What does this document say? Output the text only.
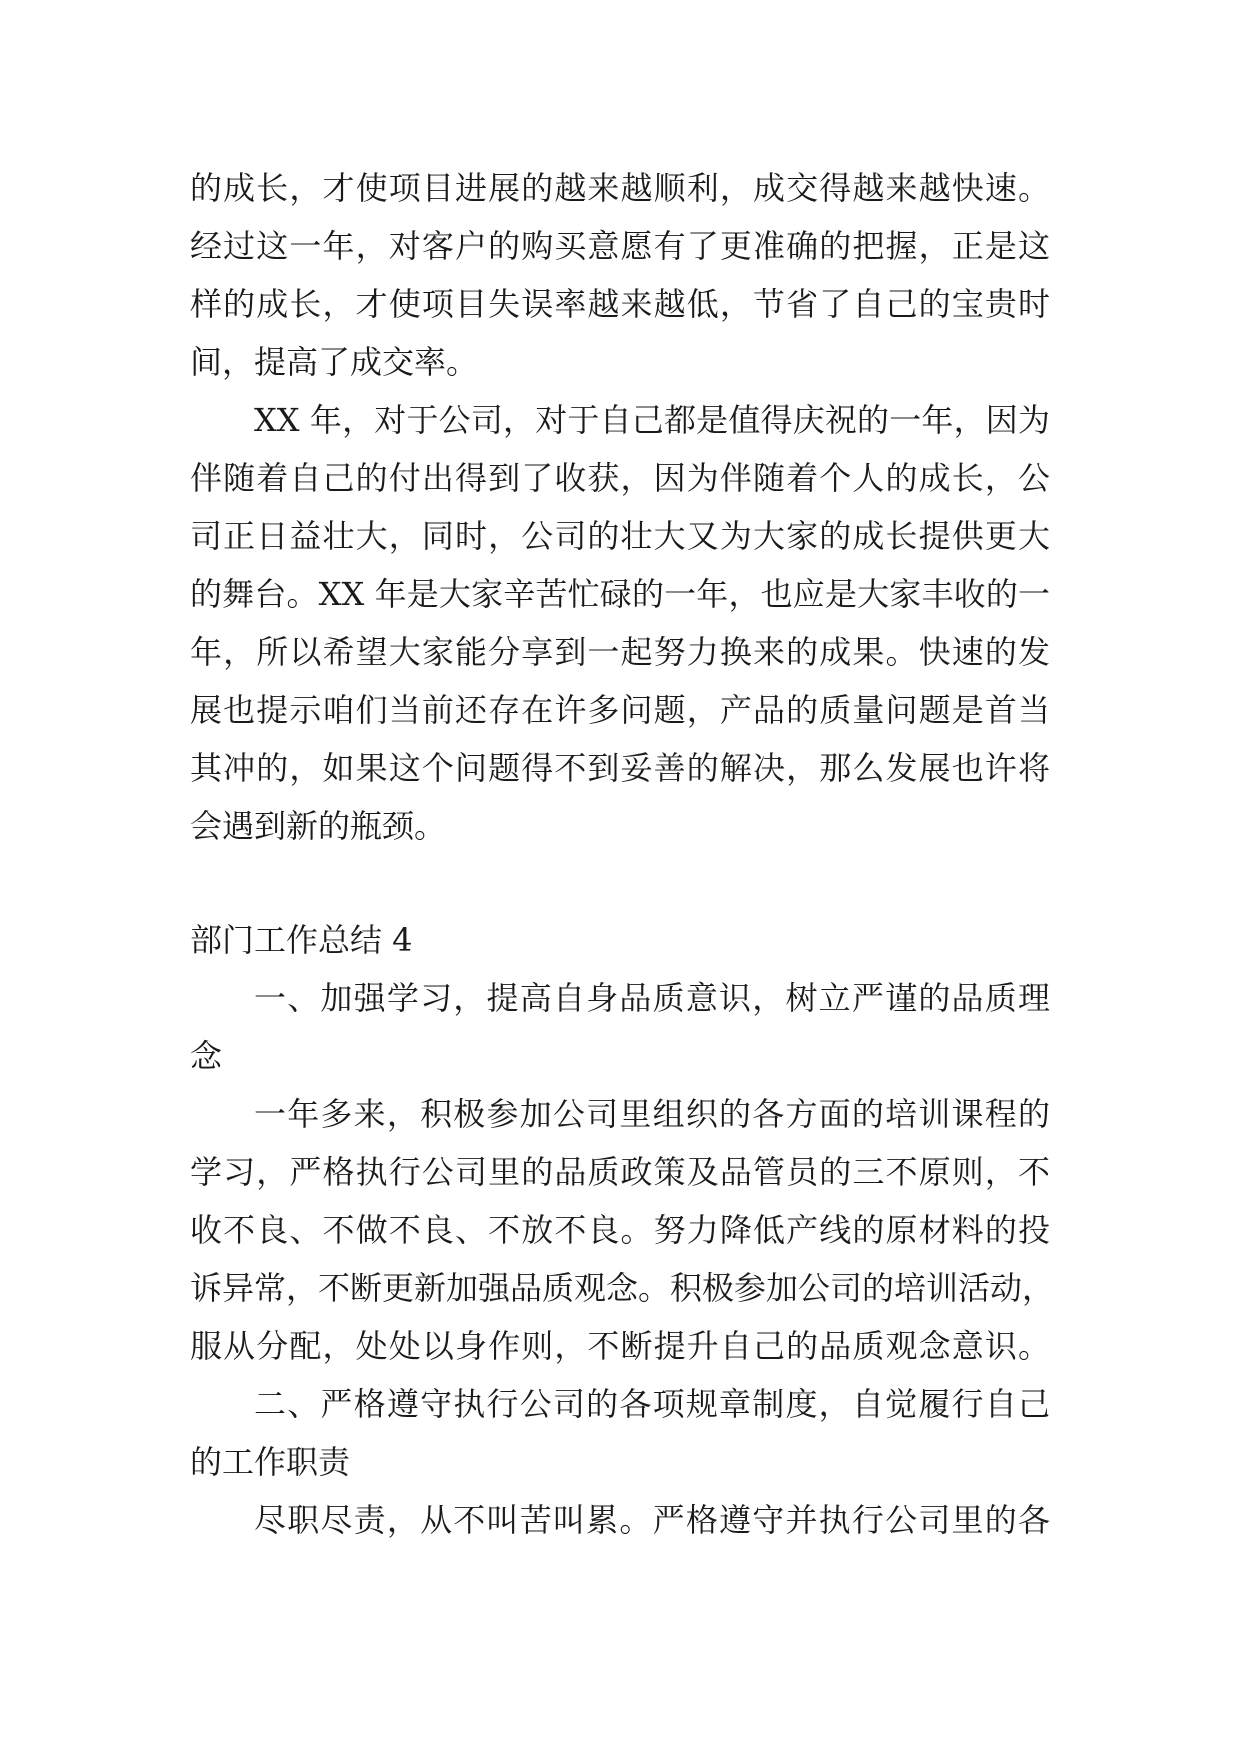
的成长，才使项目进展的越来越顺利，成交得越来越快速。

经过这一年，对客户的购买意愿有了更准确的把握，正是这

样的成长，才使项目失误率越来越低，节省了自己的宝贵时

间，提高了成交率。

XX 年，对于公司，对于自己都是值得庆祝的一年，因为

伴随着自己的付出得到了收获，因为伴随着个人的成长，公

司正日益壮大，同时，公司的壮大又为大家的成长提供更大

的舞台。XX 年是大家辛苦忙碌的一年，也应是大家丰收的一

年，所以希望大家能分享到一起努力换来的成果。快速的发

展也提示咱们当前还存在许多问题，产品的质量问题是首当

其冲的，如果这个问题得不到妥善的解决，那么发展也许将

会遇到新的瓶颈。

部门工作总结 4

一、加强学习，提高自身品质意识，树立严谨的品质理

念

一年多来，积极参加公司里组织的各方面的培训课程的

学习，严格执行公司里的品质政策及品管员的三不原则，不

收不良、不做不良、不放不良。努力降低产线的原材料的投

诉异常，不断更新加强品质观念。积极参加公司的培训活动，

服从分配，处处以身作则，不断提升自己的品质观念意识。

二、严格遵守执行公司的各项规章制度，自觉履行自己

的工作职责

尽职尽责，从不叫苦叫累。严格遵守并执行公司里的各
